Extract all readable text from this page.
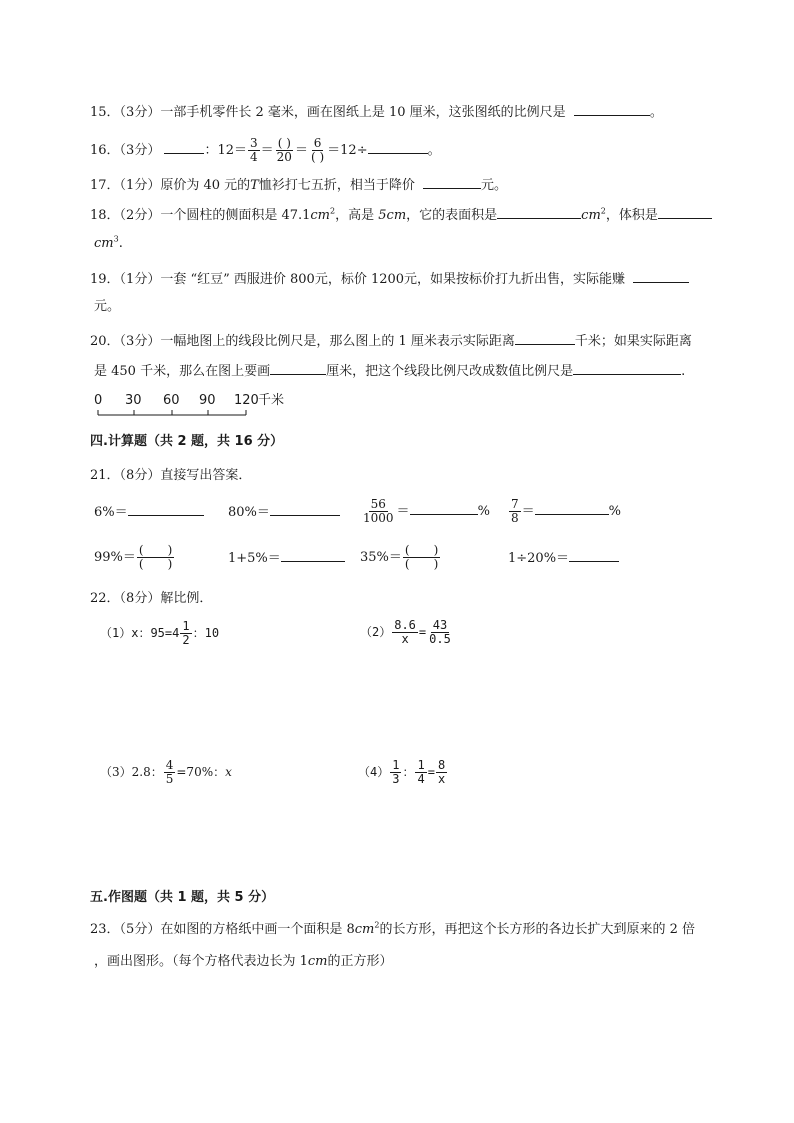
15．（3分）一部手机零件长 2 毫米，画在图纸上是 10 厘米，这张图纸的比例尺是	。
16．（3分）	：$12= \frac{3}{4} = \frac{( )}{20} = \frac{6}{( )} =12\div$	。
17．（1分）原价为 40 元的T恤衫打七五折，相当于降价	元。
18．（2分）一个圆柱的侧面积是 $47.1cm^2$，高是 5cm，它的表面积是	$cm^2$，体积是
$cm^3$.
19．（1分）一套 “红豆” 西服进价 800元，标价 1200元，如果按标价打九折出售，实际能赚
元。
20．（3分）一幅地图上的线段比例尺是，那么图上的 1 厘米表示实际距离	千米；如果实际距离
是 450 千米，那么在图上要画	厘米，把这个线段比例尺改成数值比例尺是	.
0 30 60 90 120 千米
四.计算题（共 2 题，共 16 分）
21．（8分）直接写出答案．
6%＝	80%＝	$\frac{56}{1000}$ ＝	% $\frac{7}{8}$ ＝	%
$99\%= \frac{( )}{( )}$	1+5%＝	$35\%= \frac{( )}{( )}$	1÷20%＝
22．（8分）解比例．
（1）x：$95=4 \frac{1}{2}$ ：10	$(2) \frac{8.6}{x} = \frac{43}{0.5}$
（3）2.8： $\frac{4}{5} =70\%$：x	$(4) \frac{1}{3}$ ： $\frac{1}{4} = \frac{8}{x}$
五.作图题（共 1 题，共 5 分）
23．（5分）在如图的方格纸中画一个面积是 $8cm^2$的长方形，再把这个长方形的各边长扩大到原来的 2 倍
，画出图形。（每个方格代表边长为 1cm的正方形）
